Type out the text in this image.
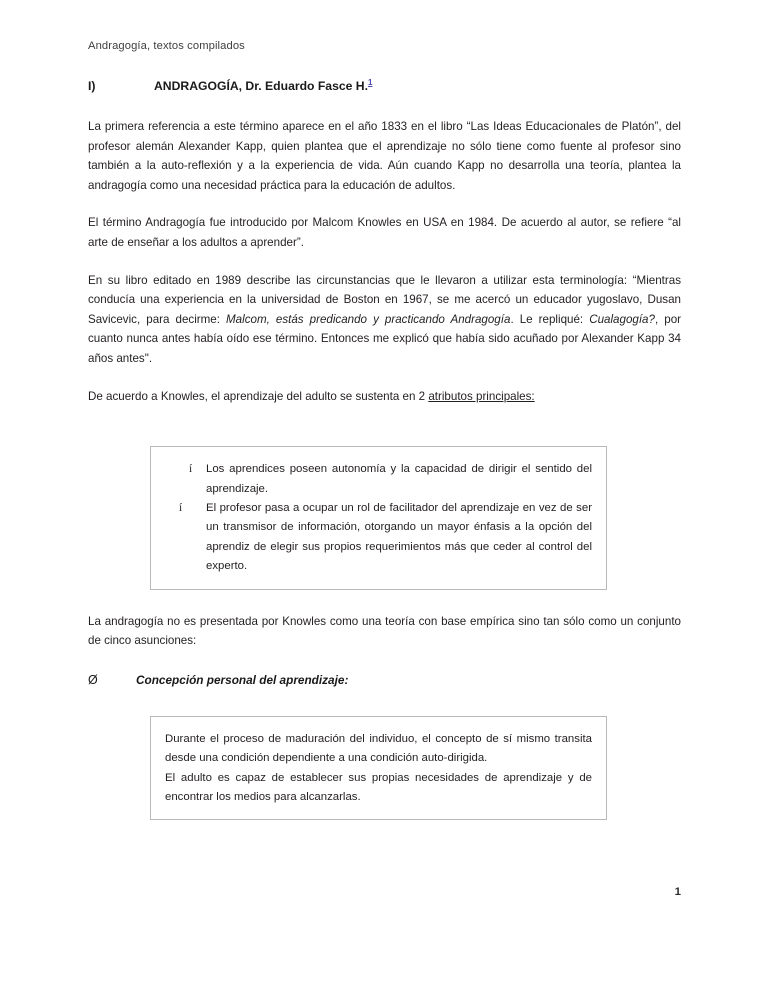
Andragogía, textos compilados
I)	ANDRAGOGÍA, Dr. Eduardo Fasce H.$^1$

La primera referencia a este término aparece en el año 1833 en el libro “Las Ideas Educacionales de Platón”, del profesor alemán Alexander Kapp, quien plantea que el aprendizaje no sólo tiene como fuente al profesor sino también a la auto-reflexión y a la experiencia de vida. Aún cuando Kapp no desarrolla una teoría, plantea la andragogía como una necesidad práctica para la educación de adultos.

El término Andragogía fue introducido por Malcom Knowles en USA en 1984. De acuerdo al autor, se refiere “al arte de enseñar a los adultos a aprender”.

En su libro editado en 1989 describe las circunstancias que le llevaron a utilizar esta terminología: “Mientras conducía una experiencia en la universidad de Boston en 1967, se me acercó un educador yugoslavo, Dusan Savicevic, para decirme: Malcom, estás predicando y practicando Andragogía. Le repliqué: Cualagogía?, por cuanto nunca antes había oído ese término. Entonces me explicó que había sido acuñado por Alexander Kapp 34 años antes".

De acuerdo a Knowles, el aprendizaje del adulto se sustenta en 2 atributos principales:

í Los aprendices poseen autonomía y la capacidad de dirigir el sentido del aprendizaje.
í El profesor pasa a ocupar un rol de facilitador del aprendizaje en vez de ser un transmisor de información, otorgando un mayor énfasis a la opción del aprendiz de elegir sus propios requerimientos más que ceder al control del experto.

La andragogía no es presentada por Knowles como una teoría con base empírica sino tan sólo como un conjunto de cinco asunciones:

Ø	Concepción personal del aprendizaje:
Durante el proceso de maduración del individuo, el concepto de sí mismo transita desde una condición dependiente a una condición auto-dirigida.
El adulto es capaz de establecer sus propias necesidades de aprendizaje y de encontrar los medios para alcanzarlas.
1
